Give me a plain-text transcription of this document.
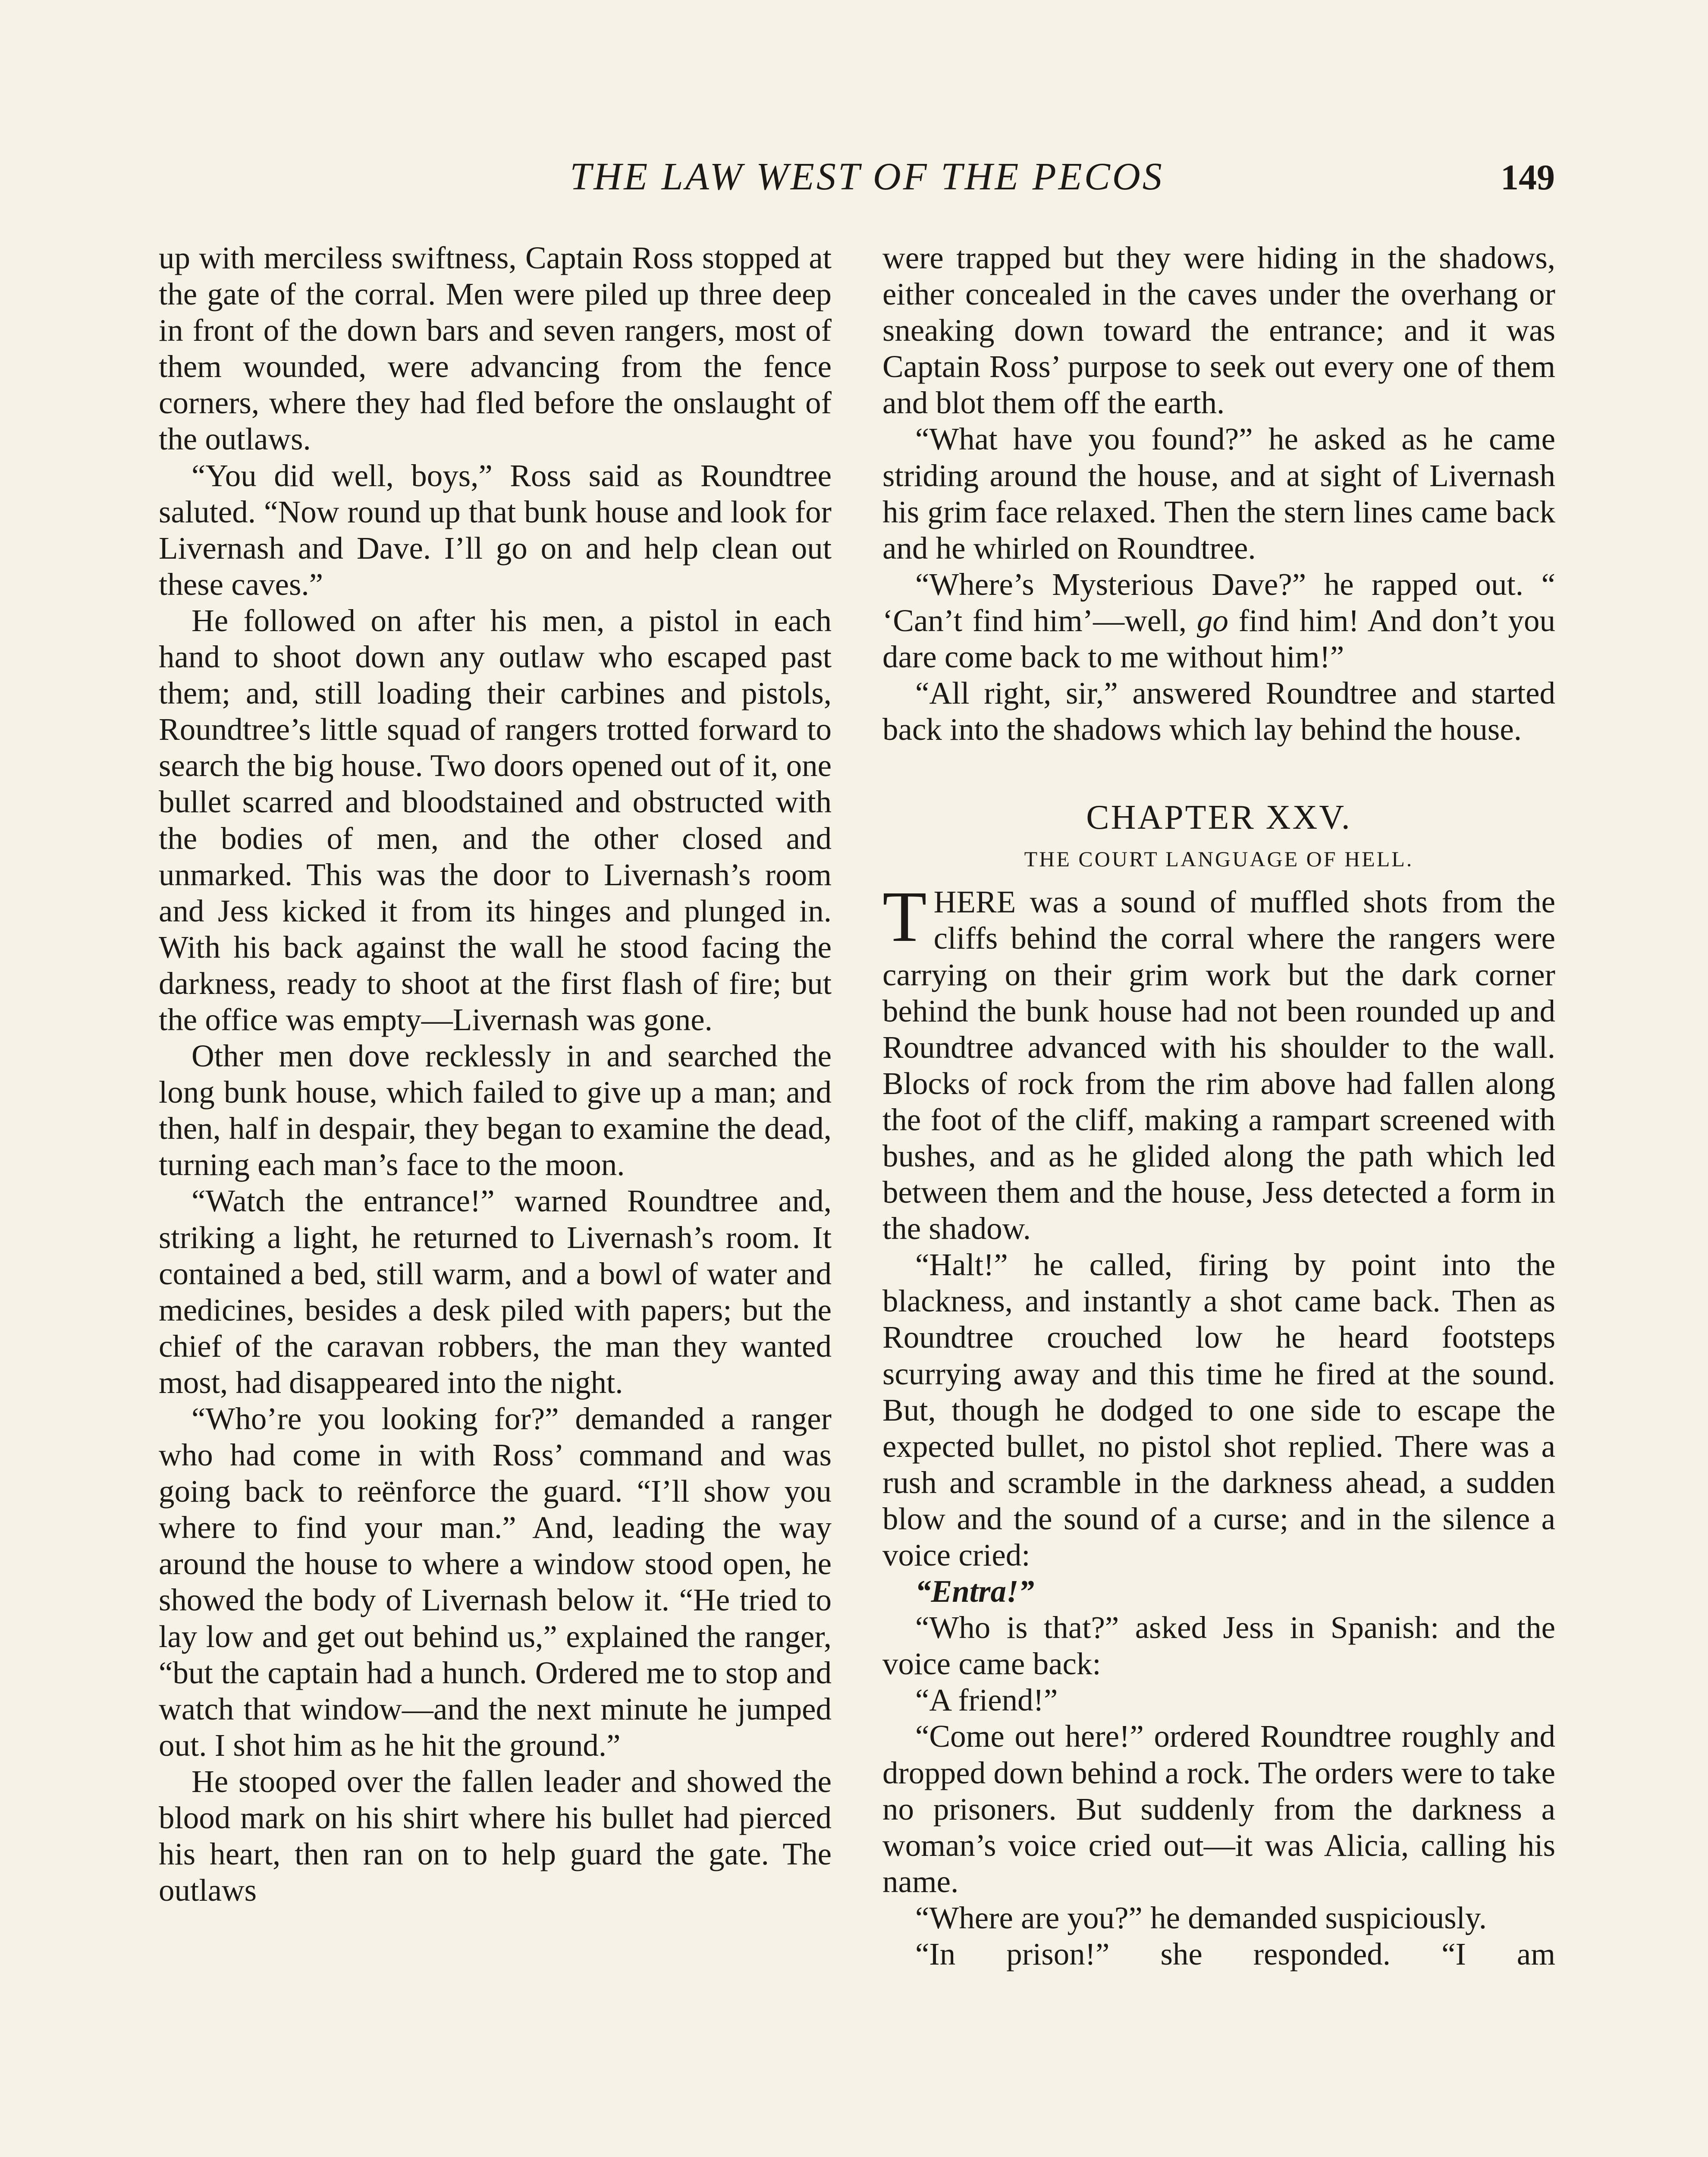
THE LAW WEST OF THE PECOS	149

up with merciless swiftness, Captain Ross stopped at the gate of the corral. Men were piled up three deep in front of the down bars and seven rangers, most of them wounded, were advancing from the fence corners, where they had fled before the onslaught of the outlaws.

“You did well, boys,” Ross said as Roundtree saluted. “Now round up that bunk house and look for Livernash and Dave. I’ll go on and help clean out these caves.”

He followed on after his men, a pistol in each hand to shoot down any outlaw who escaped past them; and, still loading their carbines and pistols, Roundtree’s little squad of rangers trotted forward to search the big house. Two doors opened out of it, one bullet scarred and bloodstained and obstructed with the bodies of men, and the other closed and unmarked. This was the door to Livernash’s room and Jess kicked it from its hinges and plunged in. With his back against the wall he stood facing the darkness, ready to shoot at the first flash of fire; but the office was empty—Livernash was gone.

Other men dove recklessly in and searched the long bunk house, which failed to give up a man; and then, half in despair, they began to examine the dead, turning each man’s face to the moon.

“Watch the entrance!” warned Roundtree and, striking a light, he returned to Livernash’s room. It contained a bed, still warm, and a bowl of water and medicines, besides a desk piled with papers; but the chief of the caravan robbers, the man they wanted most, had disappeared into the night.

“Who’re you looking for?” demanded a ranger who had come in with Ross’ command and was going back to reënforce the guard. “I’ll show you where to find your man.” And, leading the way around the house to where a window stood open, he showed the body of Livernash below it. “He tried to lay low and get out behind us,” explained the ranger, “but the captain had a hunch. Ordered me to stop and watch that window—and the next minute he jumped out. I shot him as he hit the ground.”

He stooped over the fallen leader and showed the blood mark on his shirt where his bullet had pierced his heart, then ran on to help guard the gate. The outlaws

were trapped but they were hiding in the shadows, either concealed in the caves under the overhang or sneaking down toward the entrance; and it was Captain Ross’ purpose to seek out every one of them and blot them off the earth.

“What have you found?” he asked as he came striding around the house, and at sight of Livernash his grim face relaxed. Then the stern lines came back and he whirled on Roundtree.

“Where’s Mysterious Dave?” he rapped out. “ ‘Can’t find him’—well, go find him! And don’t you dare come back to me without him!”

“All right, sir,” answered Roundtree and started back into the shadows which lay behind the house.

CHAPTER XXV.
THE COURT LANGUAGE OF HELL.

THERE was a sound of muffled shots from the cliffs behind the corral where the rangers were carrying on their grim work but the dark corner behind the bunk house had not been rounded up and Roundtree advanced with his shoulder to the wall. Blocks of rock from the rim above had fallen along the foot of the cliff, making a rampart screened with bushes, and as he glided along the path which led between them and the house, Jess detected a form in the shadow.

“Halt!” he called, firing by point into the blackness, and instantly a shot came back. Then as Roundtree crouched low he heard footsteps scurrying away and this time he fired at the sound. But, though he dodged to one side to escape the expected bullet, no pistol shot replied. There was a rush and scramble in the darkness ahead, a sudden blow and the sound of a curse; and in the silence a voice cried:

“Entra!”

“Who is that?” asked Jess in Spanish: and the voice came back:

“A friend!”

“Come out here!” ordered Roundtree roughly and dropped down behind a rock. The orders were to take no prisoners. But suddenly from the darkness a woman’s voice cried out—it was Alicia, calling his name.

“Where are you?” he demanded suspiciously.

“In prison!” she responded. “I am
